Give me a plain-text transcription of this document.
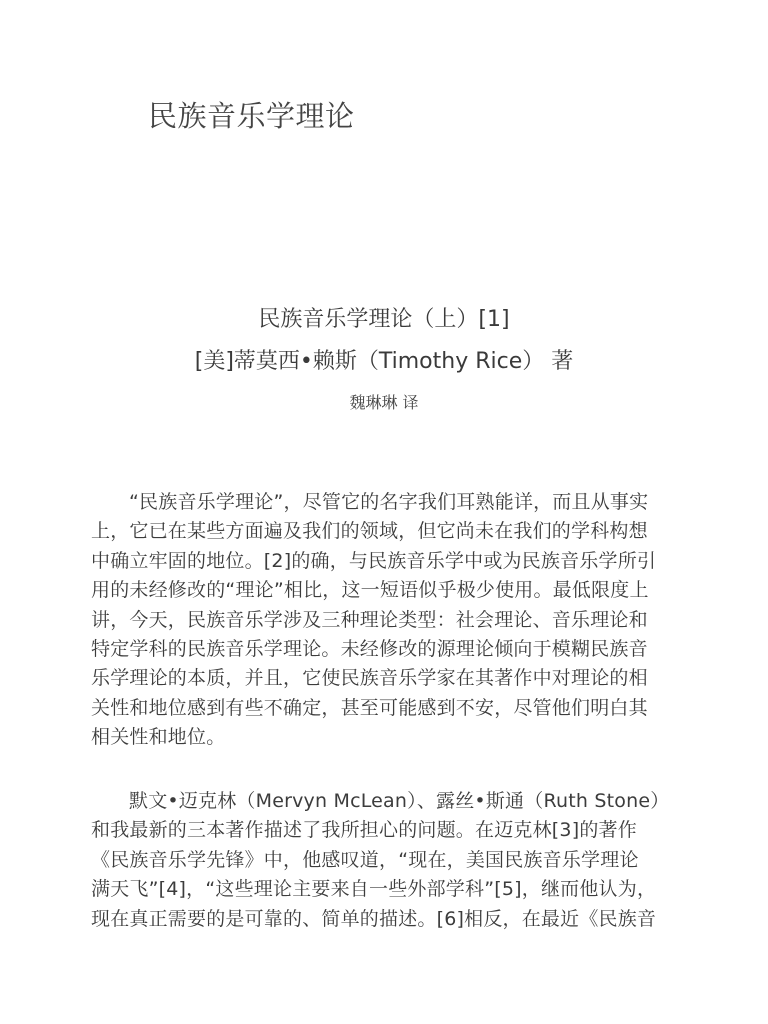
民族音乐学理论
民族音乐学理论（上）[1]
[美]蒂莫西•赖斯（Timothy Rice） 著
魏琳琳 译
“民族音乐学理论”，尽管它的名字我们耳熟能详，而且从事实
上，它已在某些方面遍及我们的领域，但它尚未在我们的学科构想
中确立牢固的地位。[2]的确，与民族音乐学中或为民族音乐学所引
用的未经修改的“理论”相比，这一短语似乎极少使用。最低限度上
讲，今天，民族音乐学涉及三种理论类型：社会理论、音乐理论和
特定学科的民族音乐学理论。未经修改的源理论倾向于模糊民族音
乐学理论的本质，并且，它使民族音乐学家在其著作中对理论的相
关性和地位感到有些不确定，甚至可能感到不安，尽管他们明白其
相关性和地位。
默文•迈克林（Mervyn McLean）、露丝•斯通（Ruth Stone）
和我最新的三本著作描述了我所担心的问题。在迈克林[3]的著作
《民族音乐学先锋》中，他感叹道，“现在，美国民族音乐学理论
满天飞”[4]，“这些理论主要来自一些外部学科”[5]，继而他认为，
现在真正需要的是可靠的、简单的描述。[6]相反，在最近《民族音
